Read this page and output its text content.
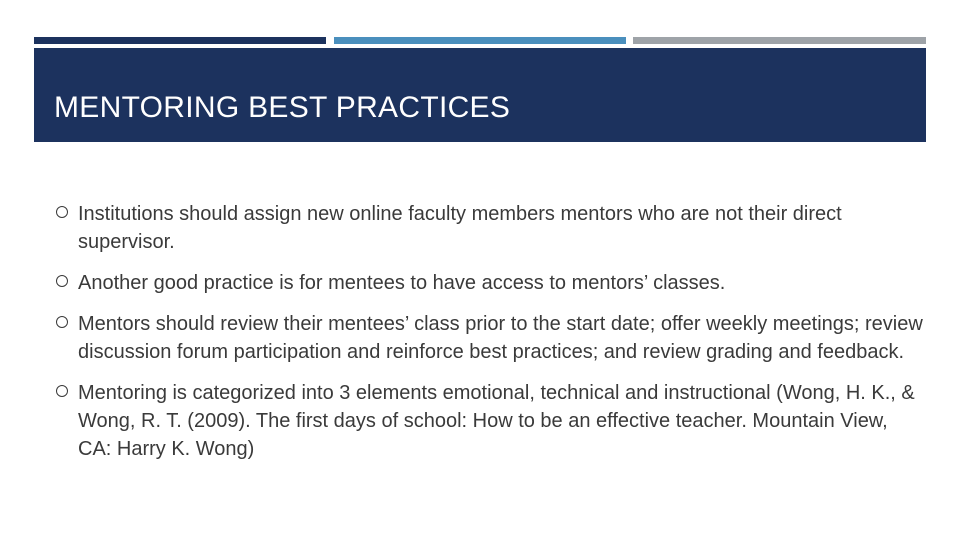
MENTORING BEST PRACTICES
Institutions should assign new online faculty members mentors who are not their direct supervisor.
Another good practice is for mentees to have access to mentors’ classes.
Mentors should review their mentees’ class prior to the start date; offer weekly meetings; review discussion forum participation and reinforce best practices; and review grading and feedback.
Mentoring is categorized into 3 elements emotional, technical and instructional (Wong, H. K., & Wong, R. T. (2009). The first days of school: How to be an effective teacher. Mountain View, CA: Harry K. Wong)
